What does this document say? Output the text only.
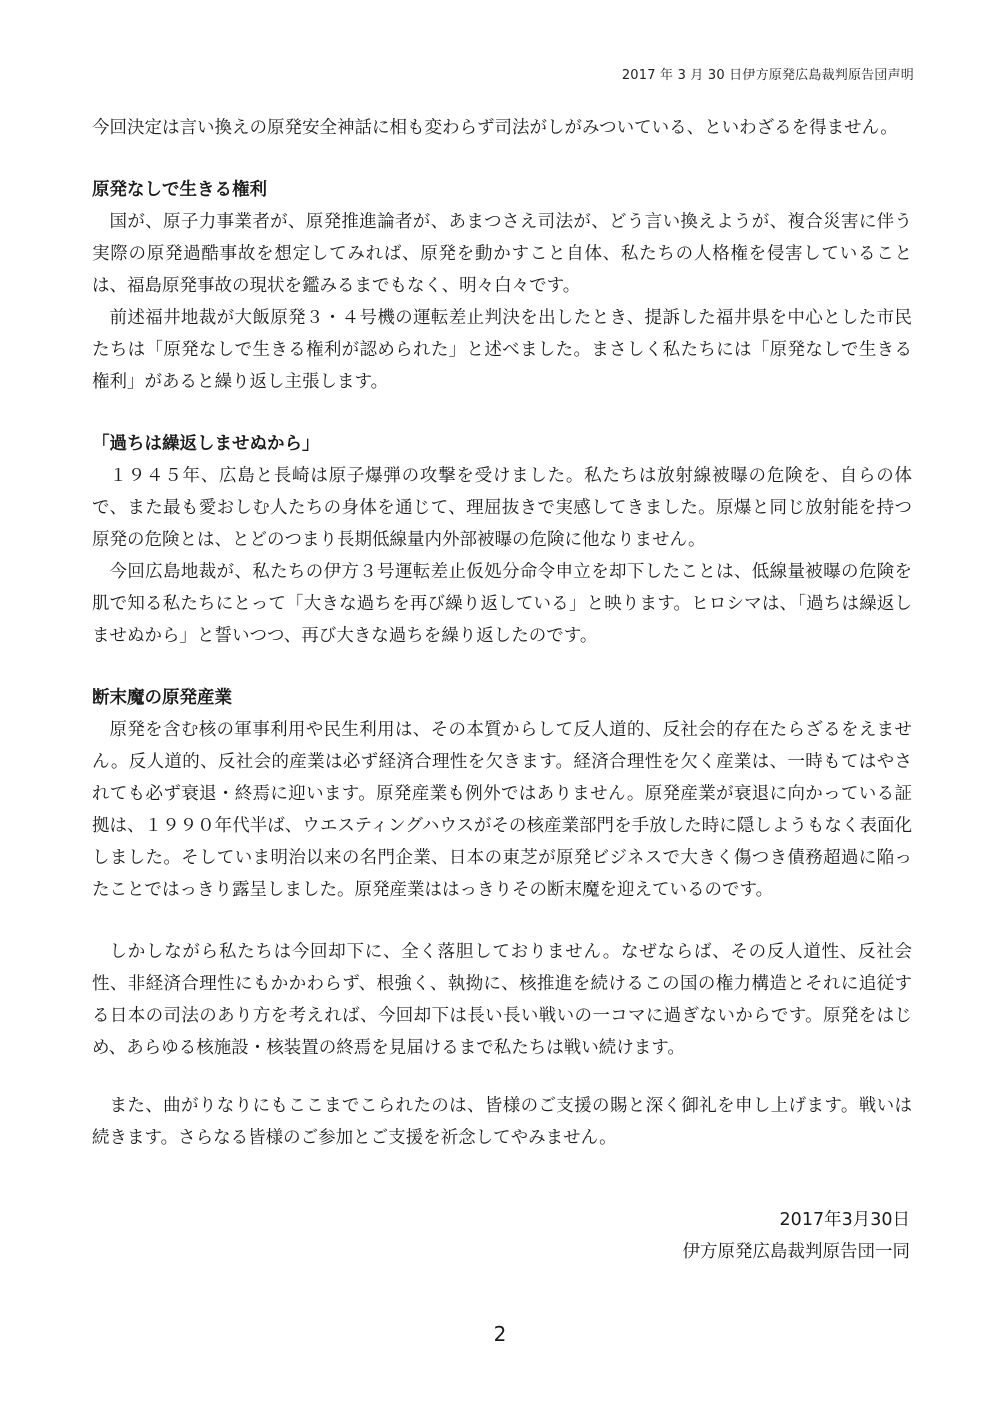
2017 年 3 月 30 日伊方原発広島裁判原告団声明

今回決定は言い換えの原発安全神話に相も変わらず司法がしがみついている、といわざるを得ません。

原発なしで生きる権利

国が、原子力事業者が、原発推進論者が、あまつさえ司法が、どう言い換えようが、複合災害に伴う実際の原発過酷事故を想定してみれば、原発を動かすこと自体、私たちの人格権を侵害していることは、福島原発事故の現状を鑑みるまでもなく、明々白々です。

前述福井地裁が大飯原発３・４号機の運転差止判決を出したとき、提訴した福井県を中心とした市民たちは「原発なしで生きる権利が認められた」と述べました。まさしく私たちには「原発なしで生きる権利」があると繰り返し主張します。

「過ちは繰返しませぬから」

１９４５年、広島と長崎は原子爆弾の攻撃を受けました。私たちは放射線被曝の危険を、自らの体で、また最も愛おしむ人たちの身体を通じて、理屈抜きで実感してきました。原爆と同じ放射能を持つ原発の危険とは、とどのつまり長期低線量内外部被曝の危険に他なりません。

今回広島地裁が、私たちの伊方３号運転差止仮処分命令申立を却下したことは、低線量被曝の危険を肌で知る私たちにとって「大きな過ちを再び繰り返している」と映ります。ヒロシマは、「過ちは繰返しませぬから」と誓いつつ、再び大きな過ちを繰り返したのです。

断末魔の原発産業

原発を含む核の軍事利用や民生利用は、その本質からして反人道的、反社会的存在たらざるをえません。反人道的、反社会的産業は必ず経済合理性を欠きます。経済合理性を欠く産業は、一時もてはやされても必ず衰退・終焉に迎います。原発産業も例外ではありません。原発産業が衰退に向かっている証拠は、１９９０年代半ば、ウエスティングハウスがその核産業部門を手放した時に隠しようもなく表面化しました。そしていま明治以来の名門企業、日本の東芝が原発ビジネスで大きく傷つき債務超過に陥ったことではっきり露呈しました。原発産業ははっきりその断末魔を迎えているのです。

しかしながら私たちは今回却下に、全く落胆しておりません。なぜならば、その反人道性、反社会性、非経済合理性にもかかわらず、根強く、執拗に、核推進を続けるこの国の権力構造とそれに追従する日本の司法のあり方を考えれば、今回却下は長い長い戦いの一コマに過ぎないからです。原発をはじめ、あらゆる核施設・核装置の終焉を見届けるまで私たちは戦い続けます。

また、曲がりなりにもここまでこられたのは、皆様のご支援の賜と深く御礼を申し上げます。戦いは続きます。さらなる皆様のご参加とご支援を祈念してやみません。

2017年3月30日
伊方原発広島裁判原告団一同
2
